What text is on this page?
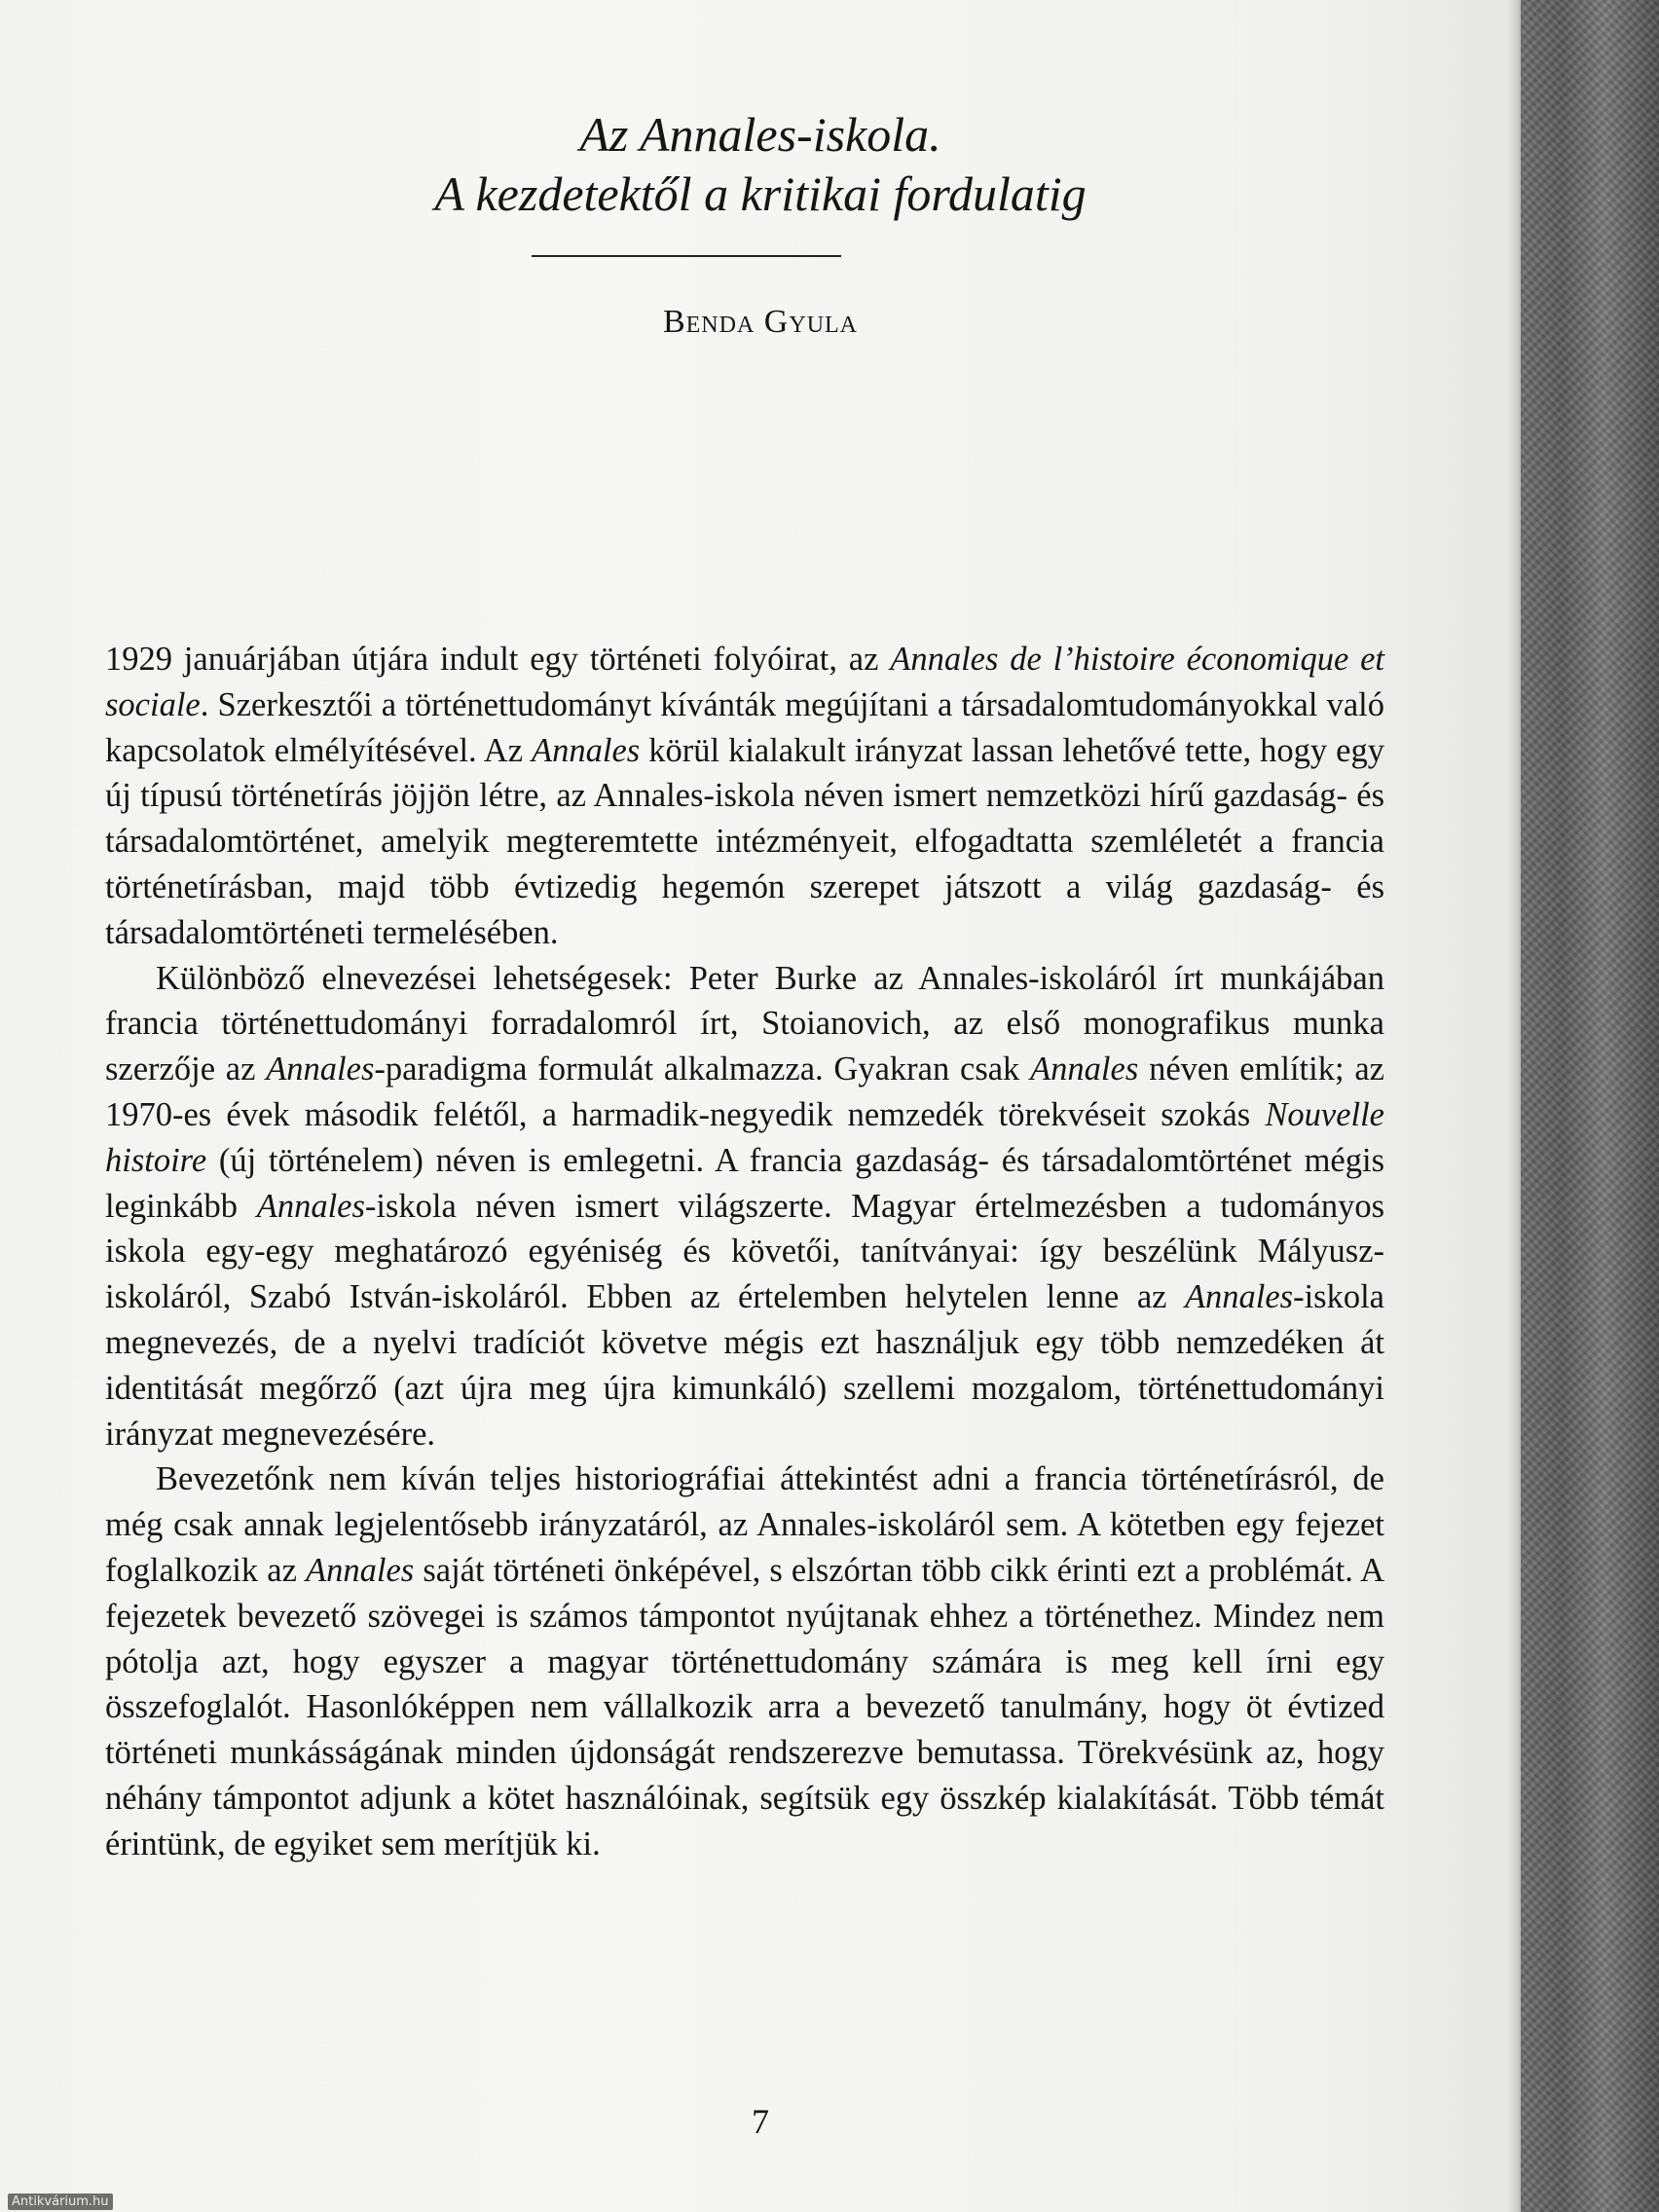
Az Annales-iskola.
A kezdetektől a kritikai fordulatig
Benda Gyula

1929 januárjában útjára indult egy történeti folyóirat, az Annales de l’histoire économique et sociale. Szerkesztői a történettudományt kívánták megújítani a társadalomtudományokkal való kapcsolatok elmélyítésével. Az Annales körül kialakult irányzat lassan lehetővé tette, hogy egy új típusú történetírás jöjjön létre, az Annales-iskola néven ismert nemzetközi hírű gazdaság- és társadalomtörténet, amelyik megteremtette intézményeit, elfogadtatta szemléletét a francia történetírásban, majd több évtizedig hegemón szerepet játszott a világ gazdaság- és társadalomtörténeti termelésében.

Különböző elnevezései lehetségesek: Peter Burke az Annales-iskoláról írt munkájában francia történettudományi forradalomról írt, Stoianovich, az első monografikus munka szerzője az Annales-paradigma formulát alkalmazza. Gyakran csak Annales néven említik; az 1970-es évek második felétől, a harmadik-negyedik nemzedék törekvéseit szokás Nouvelle histoire (új történelem) néven is emlegetni. A francia gazdaság- és társadalomtörténet mégis leginkább Annales-iskola néven ismert világszerte. Magyar értelmezésben a tudományos iskola egy-egy meghatározó egyéniség és követői, tanítványai: így beszélünk Mályusz-iskoláról, Szabó István-iskoláról. Ebben az értelemben helytelen lenne az Annales-iskola megnevezés, de a nyelvi tradíciót követve mégis ezt használjuk egy több nemzedéken át identitását megőrző (azt újra meg újra kimunkáló) szellemi mozgalom, történettudományi irányzat megnevezésére.

Bevezetőnk nem kíván teljes historiográfiai áttekintést adni a francia történetírásról, de még csak annak legjelentősebb irányzatáról, az Annales-iskoláról sem. A kötetben egy fejezet foglalkozik az Annales saját történeti önképével, s elszórtan több cikk érinti ezt a problémát. A fejezetek bevezető szövegei is számos támpontot nyújtanak ehhez a történethez. Mindez nem pótolja azt, hogy egyszer a magyar történettudomány számára is meg kell írni egy összefoglalót. Hasonlóképpen nem vállalkozik arra a bevezető tanulmány, hogy öt évtized történeti munkásságának minden újdonságát rendszerezve bemutassa. Törekvésünk az, hogy néhány támpontot adjunk a kötet használóinak, segítsük egy összkép kialakítását. Több témát érintünk, de egyiket sem merítjük ki.

7
Antikvárium.hu
